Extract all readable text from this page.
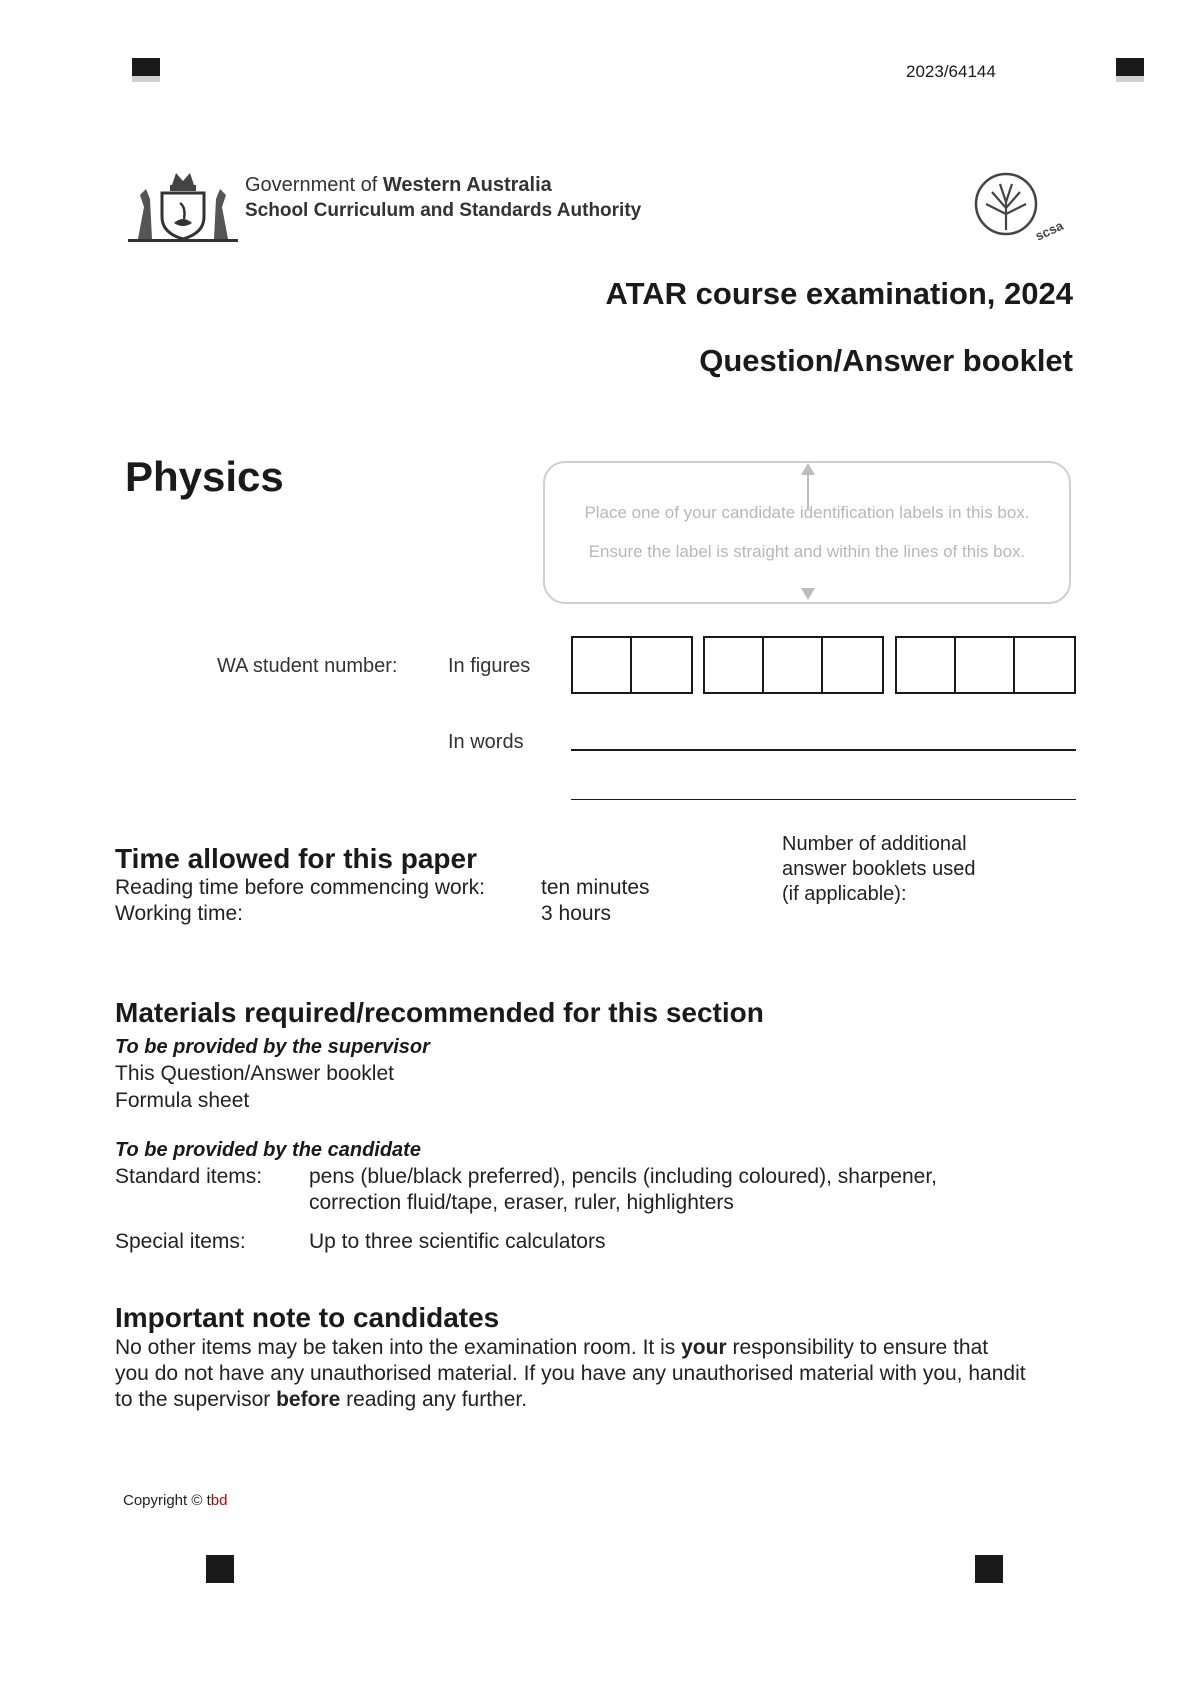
2023/64144
Government of Western Australia
School Curriculum and Standards Authority
scsa
ATAR course examination, 2024
Question/Answer booklet
Physics
Place one of your candidate identification labels in this box.
Ensure the label is straight and within the lines of this box.
WA student number:	In figures
In words
Time allowed for this paper
Reading time before commencing work:	ten minutes
Working time:	3 hours
Number of additional
answer booklets used
(if applicable):
Materials required/recommended for this section
To be provided by the supervisor
This Question/Answer booklet
Formula sheet
To be provided by the candidate
Standard items: pens (blue/black preferred), pencils (including coloured), sharpener,
correction fluid/tape, eraser, ruler, highlighters
Special items:	Up to three scientific calculators
Important note to candidates
No other items may be taken into the examination room. It is your responsibility to ensure that
you do not have any unauthorised material. If you have any unauthorised material with you, handit
to the supervisor before reading any further.
Copyright © tbd
